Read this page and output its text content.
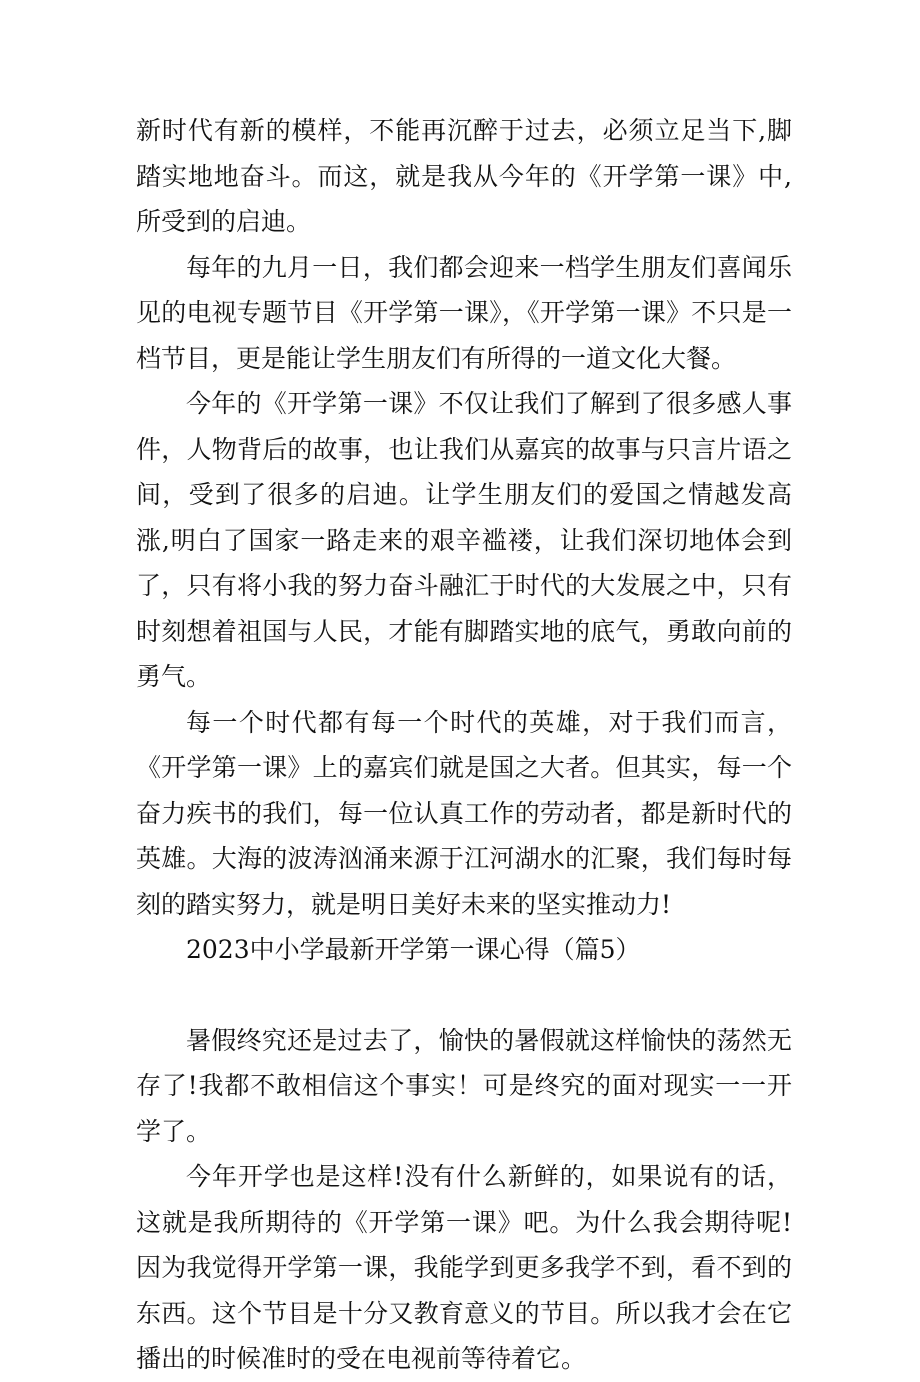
新时代有新的模样，不能再沉醉于过去，必须立足当下,脚踏实地地奋斗。而这，就是我从今年的《开学第一课》中,所受到的启迪。

每年的九月一日，我们都会迎来一档学生朋友们喜闻乐见的电视专题节目《开学第一课》，《开学第一课》不只是一档节目，更是能让学生朋友们有所得的一道文化大餐。

今年的《开学第一课》不仅让我们了解到了很多感人事件，人物背后的故事，也让我们从嘉宾的故事与只言片语之间，受到了很多的启迪。让学生朋友们的爱国之情越发高涨,明白了国家一路走来的艰辛褴褛，让我们深切地体会到了，只有将小我的努力奋斗融汇于时代的大发展之中，只有时刻想着祖国与人民，才能有脚踏实地的底气，勇敢向前的勇气。

每一个时代都有每一个时代的英雄，对于我们而言，《开学第一课》上的嘉宾们就是国之大者。但其实，每一个奋力疾书的我们，每一位认真工作的劳动者，都是新时代的英雄。大海的波涛汹涌来源于江河湖水的汇聚，我们每时每刻的踏实努力，就是明日美好未来的坚实推动力!

2023中小学最新开学第一课心得（篇5）

暑假终究还是过去了，愉快的暑假就这样愉快的荡然无存了!我都不敢相信这个事实！可是终究的面对现实一一开学了。

今年开学也是这样!没有什么新鲜的，如果说有的话，这就是我所期待的《开学第一课》吧。为什么我会期待呢!因为我觉得开学第一课，我能学到更多我学不到，看不到的东西。这个节目是十分又教育意义的节目。所以我才会在它播出的时候准时的受在电视前等待着它。
